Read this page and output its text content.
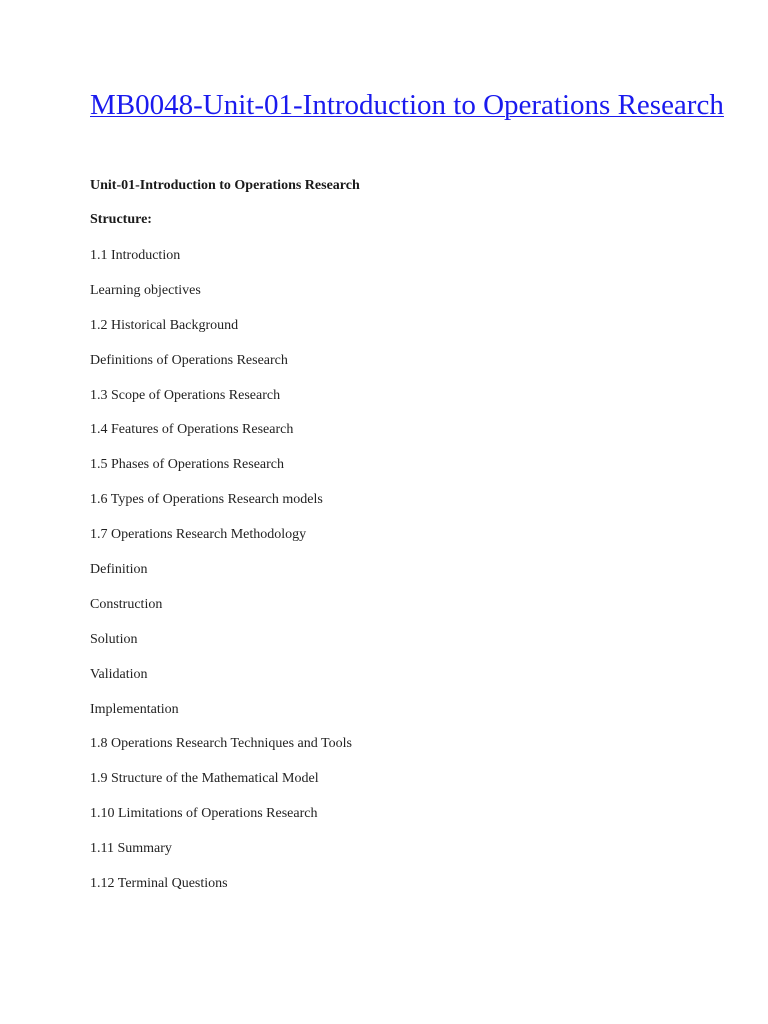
MB0048-Unit-01-Introduction to Operations Research

Unit-01-Introduction to Operations Research

Structure:

1.1 Introduction
Learning objectives
1.2 Historical Background
Definitions of Operations Research
1.3 Scope of Operations Research
1.4 Features of Operations Research
1.5 Phases of Operations Research
1.6 Types of Operations Research models
1.7 Operations Research Methodology
Definition
Construction
Solution
Validation
Implementation
1.8 Operations Research Techniques and Tools
1.9 Structure of the Mathematical Model
1.10 Limitations of Operations Research
1.11 Summary
1.12 Terminal Questions
